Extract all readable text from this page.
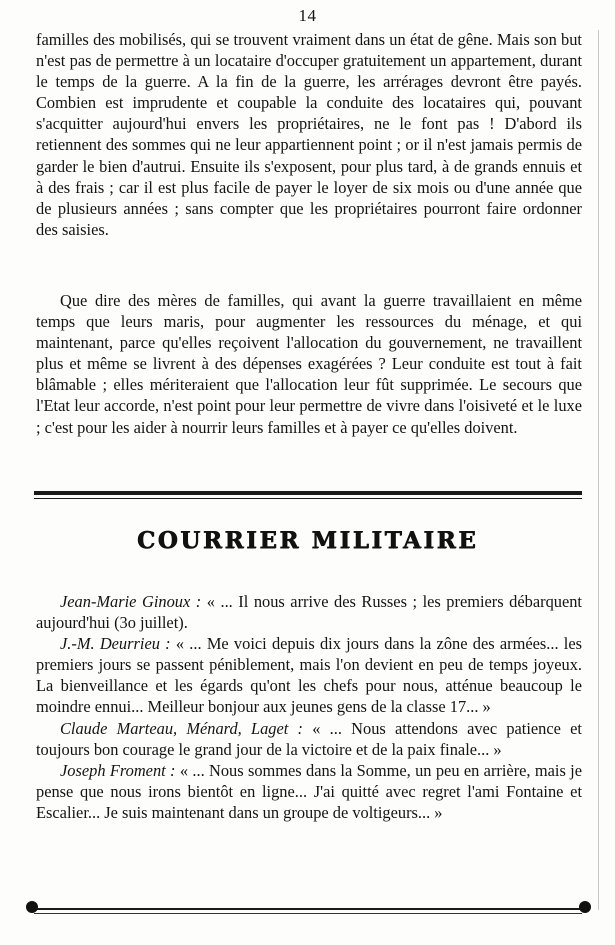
14

familles des mobilisés, qui se trouvent vraiment dans un état de gêne. Mais son but n'est pas de permettre à un locataire d'occuper gratuitement un appartement, durant le temps de la guerre. A la fin de la guerre, les arrérages devront être payés. Combien est imprudente et coupable la conduite des locataires qui, pouvant s'acquitter aujourd'hui envers les propriétaires, ne le font pas ! D'abord ils retiennent des sommes qui ne leur appartiennent point ; or il n'est jamais permis de garder le bien d'autrui. Ensuite ils s'exposent, pour plus tard, à de grands ennuis et à des frais ; car il est plus facile de payer le loyer de six mois ou d'une année que de plusieurs années ; sans compter que les propriétaires pourront faire ordonner des saisies.

Que dire des mères de familles, qui avant la guerre travaillaient en même temps que leurs maris, pour augmenter les ressources du ménage, et qui maintenant, parce qu'elles reçoivent l'allocation du gouvernement, ne travaillent plus et même se livrent à des dépenses exagérées ? Leur conduite est tout à fait blâmable ; elles mériteraient que l'allocation leur fût supprimée. Le secours que l'Etat leur accorde, n'est point pour leur permettre de vivre dans l'oisiveté et le luxe ; c'est pour les aider à nourrir leurs familles et à payer ce qu'elles doivent.

COURRIER MILITAIRE

Jean-Marie Ginoux : « ... Il nous arrive des Russes ; les premiers débarquent aujourd'hui (3o juillet).

J.-M. Deurrieu : « ... Me voici depuis dix jours dans la zône des armées... les premiers jours se passent péniblement, mais l'on devient en peu de temps joyeux. La bienveillance et les égards qu'ont les chefs pour nous, atténue beaucoup le moindre ennui... Meilleur bonjour aux jeunes gens de la classe 17... »

Claude Marteau, Ménard, Laget : « ... Nous attendons avec patience et toujours bon courage le grand jour de la victoire et de la paix finale... »

Joseph Froment : « ... Nous sommes dans la Somme, un peu en arrière, mais je pense que nous irons bientôt en ligne... J'ai quitté avec regret l'ami Fontaine et Escalier... Je suis maintenant dans un groupe de voltigeurs... »
